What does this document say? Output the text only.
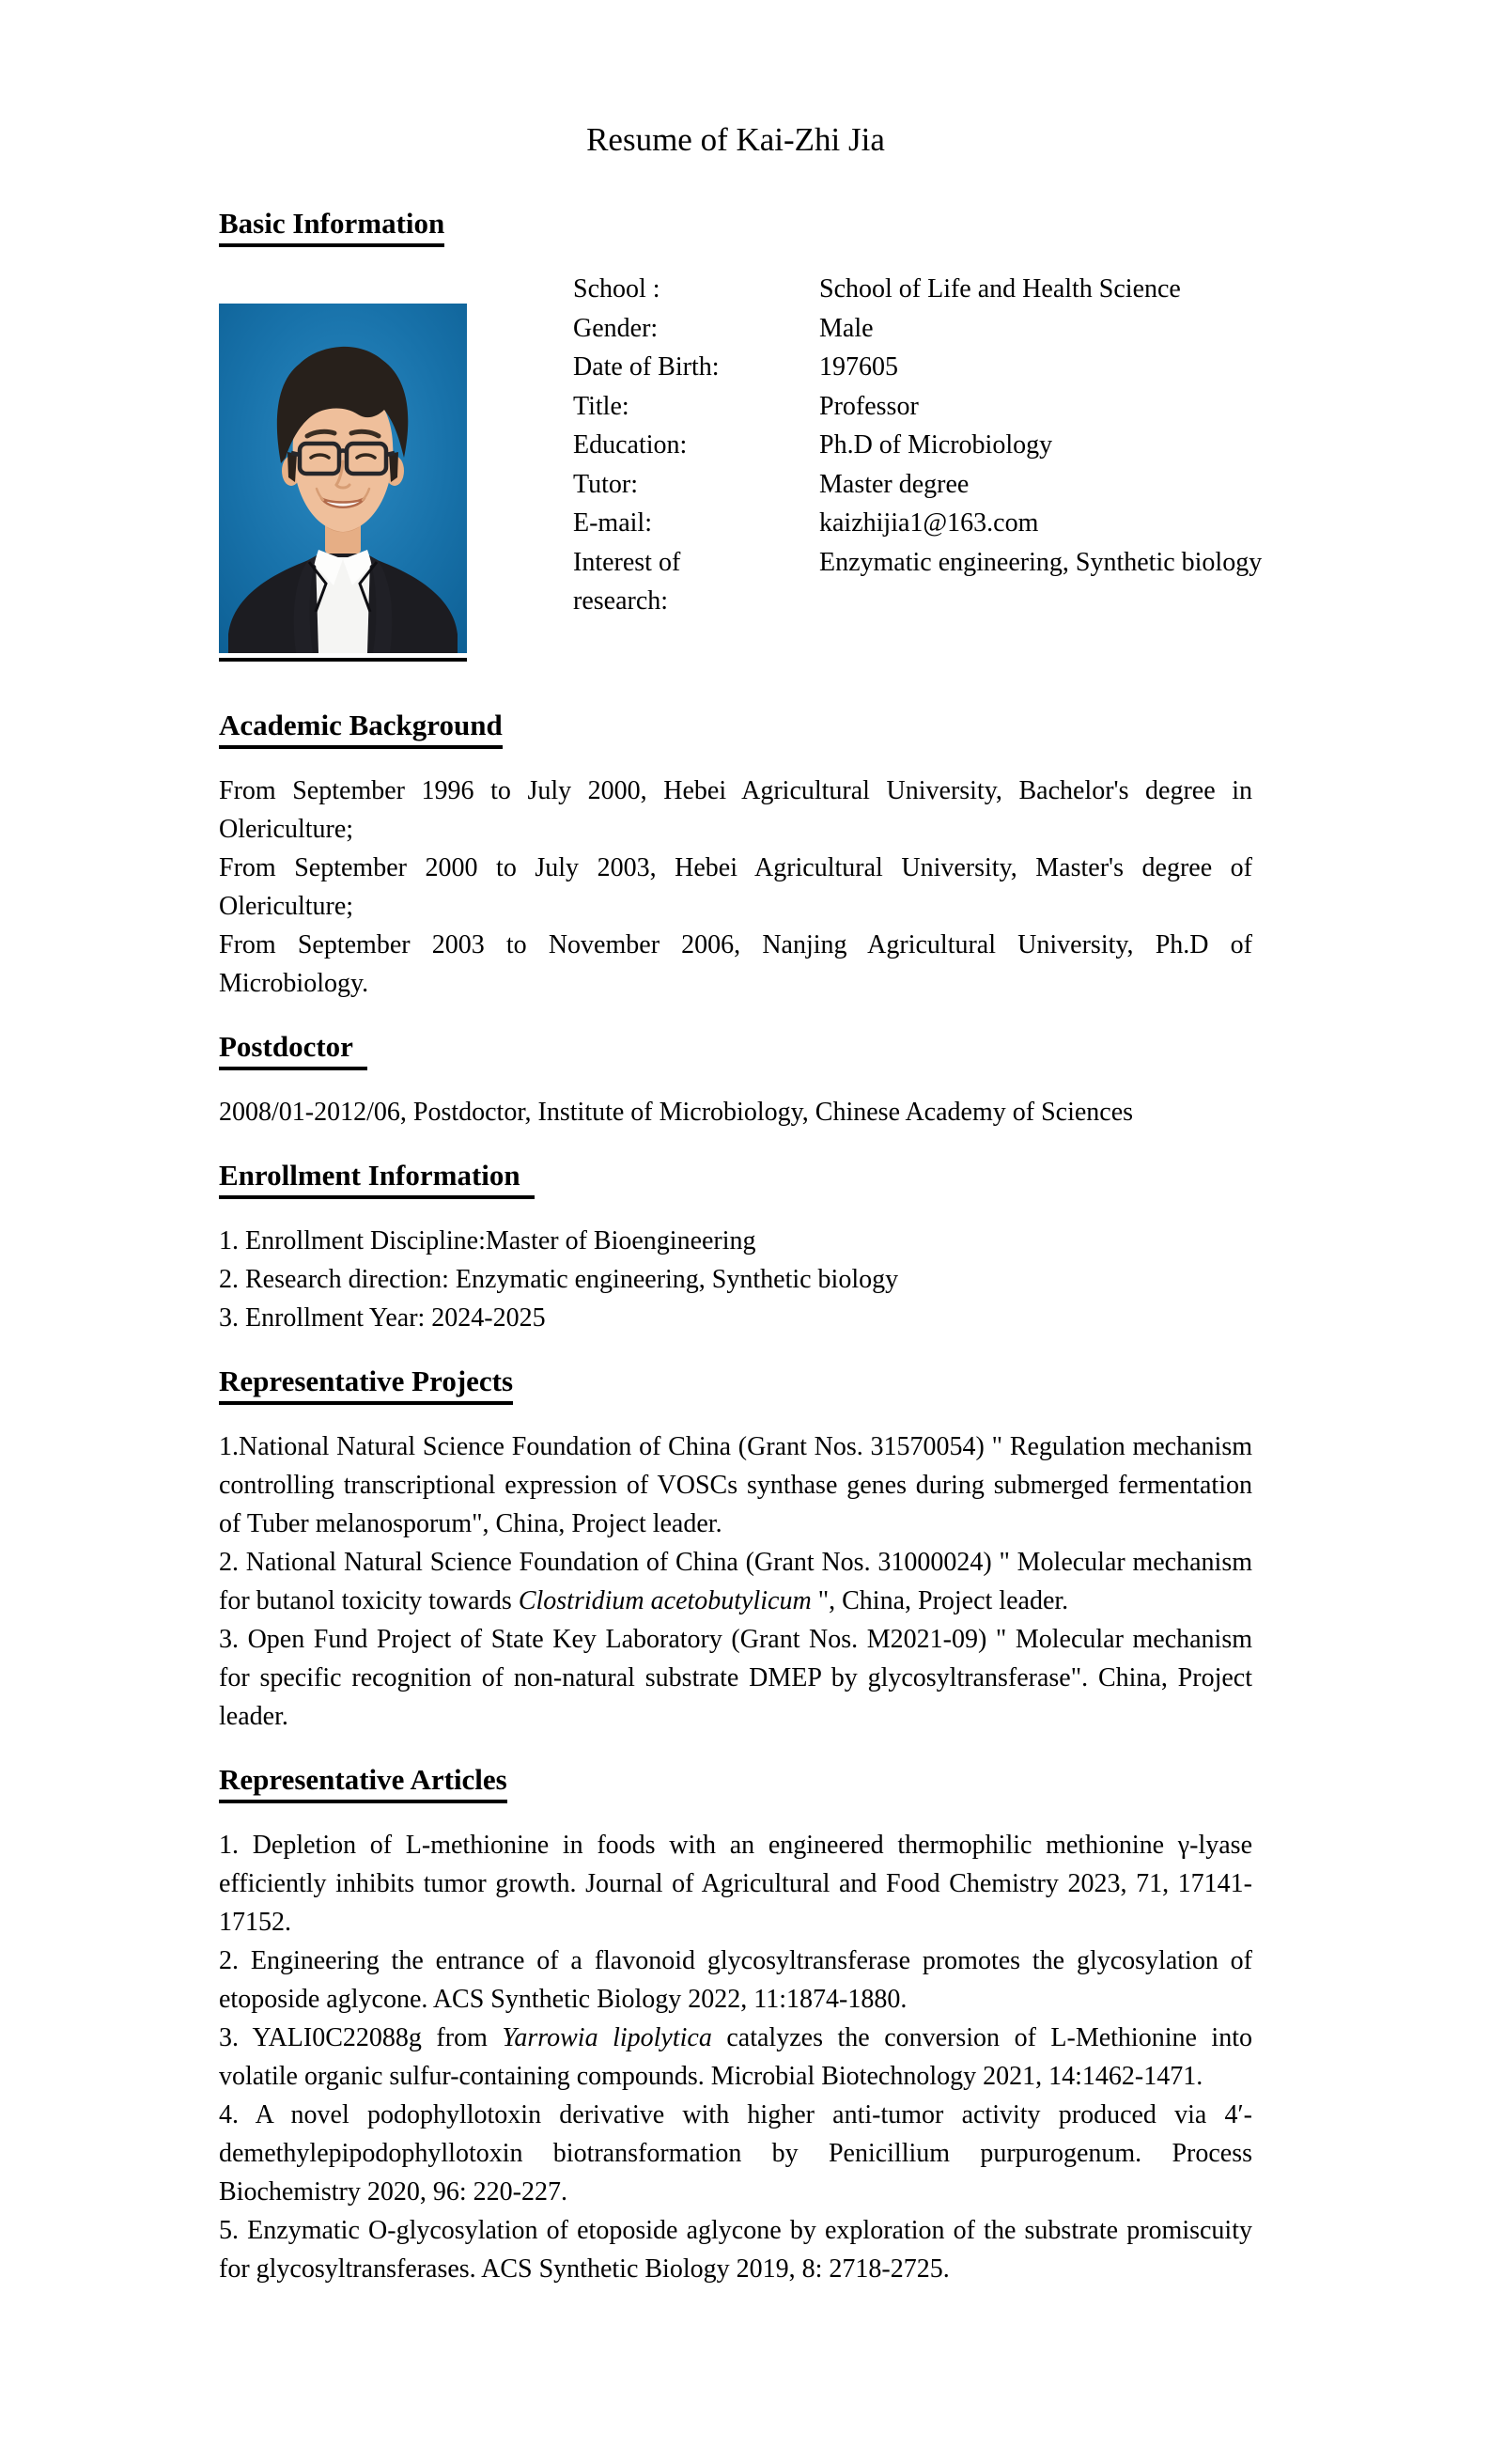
Resume of Kai-Zhi Jia
Basic Information
School :	School of Life and Health Science
Gender:	Male
Date of Birth:	197605
Title:	Professor
Education:	Ph.D of Microbiology
Tutor:	Master degree
E-mail:	kaizhijia1@163.com
Interest of research:
Enzymatic engineering, Synthetic biology
Academic Background

From September 1996 to July 2000, Hebei Agricultural University, Bachelor's degree in Olericulture;

From September 2000 to July 2003, Hebei Agricultural University, Master's degree of Olericulture;

From September 2003 to November 2006, Nanjing Agricultural University, Ph.D of Microbiology.

Postdoctor

2008/01-2012/06, Postdoctor, Institute of Microbiology, Chinese Academy of Sciences

Enrollment Information

1. Enrollment Discipline:Master of Bioengineering

2. Research direction: Enzymatic engineering, Synthetic biology

3. Enrollment Year: 2024-2025

Representative Projects

1.National Natural Science Foundation of China (Grant Nos. 31570054) " Regulation mechanism controlling transcriptional expression of VOSCs synthase genes during submerged fermentation of Tuber melanosporum", China, Project leader.

2. National Natural Science Foundation of China (Grant Nos. 31000024) " Molecular mechanism for butanol toxicity towards Clostridium acetobutylicum ", China, Project leader.

3. Open Fund Project of State Key Laboratory (Grant Nos. M2021-09) " Molecular mechanism for specific recognition of non-natural substrate DMEP by glycosyltransferase". China, Project leader.

Representative Articles

1. Depletion of L-methionine in foods with an engineered thermophilic methionine γ-lyase efficiently inhibits tumor growth. Journal of Agricultural and Food Chemistry 2023, 71, 17141-17152.

2. Engineering the entrance of a flavonoid glycosyltransferase promotes the glycosylation of etoposide aglycone. ACS Synthetic Biology 2022, 11:1874-1880.

3. YALI0C22088g from Yarrowia lipolytica catalyzes the conversion of L-Methionine into volatile organic sulfur-containing compounds. Microbial Biotechnology 2021, 14:1462-1471.

4. A novel podophyllotoxin derivative with higher anti-tumor activity produced via 4′-demethylepipodophyllotoxin biotransformation by Penicillium purpurogenum. Process Biochemistry 2020, 96: 220-227.

5. Enzymatic O-glycosylation of etoposide aglycone by exploration of the substrate promiscuity for glycosyltransferases. ACS Synthetic Biology 2019, 8: 2718-2725.
